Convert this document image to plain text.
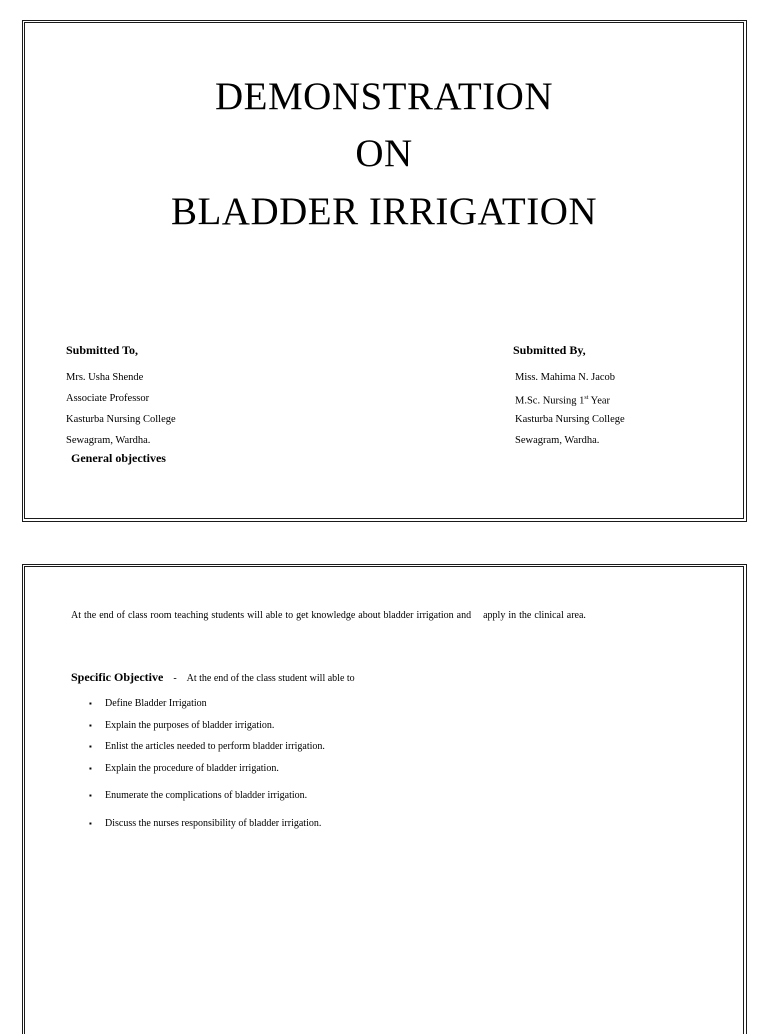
DEMONSTRATION
ON
BLADDER IRRIGATION
Submitted To,
Mrs. Usha Shende
Associate Professor
Kasturba Nursing College
Sewagram, Wardha.
Submitted By,
Miss. Mahima N. Jacob
M.Sc. Nursing 1st Year
Kasturba Nursing College
Sewagram, Wardha.
General objectives
At the end of class room teaching students will able to get knowledge about bladder irrigation and    apply in the clinical area.
Specific Objective - At the end of the class student will able to
▪ Define Bladder Irrigation
▪ Explain the purposes of bladder irrigation.
▪ Enlist the articles needed to perform bladder irrigation.
▪ Explain the procedure of bladder irrigation.
▪ Enumerate the complications of bladder irrigation.
▪ Discuss the nurses responsibility of bladder irrigation.
